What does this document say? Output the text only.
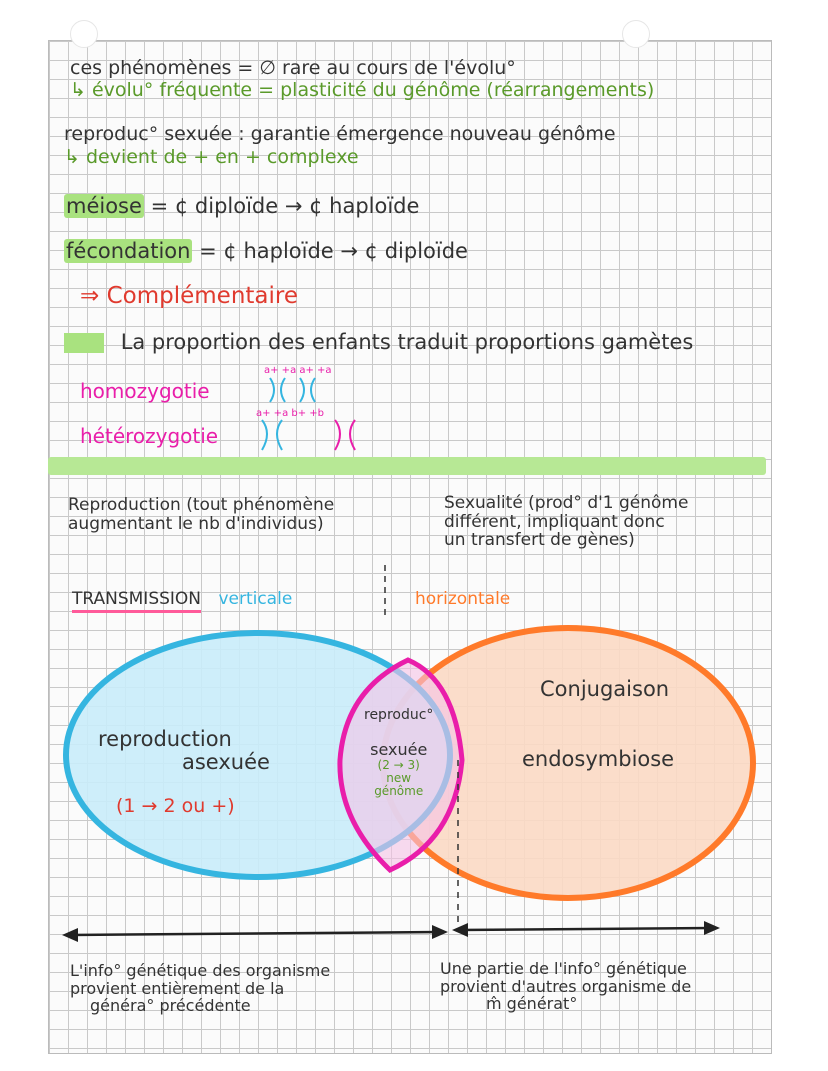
ces phénomènes = ∅ rare au cours de l'évolu°
↳ évolu° fréquente = plasticité du génôme (réarrangements)
reproduc° sexuée : garantie émergence nouveau génôme
↳ devient de + en + complexe
méiose = ¢ diploïde → ¢ haploïde
fécondation = ¢ haploïde → ¢ diploïde
⇒ Complémentaire
La proportion des enfants traduit proportions gamètes
homozygotie
hétérozygotie
a+ +a a+ +a
a+ +a b+ +b
Reproduction (tout phénomène
augmentant le nb d'individus)
Sexualité (prod° d'1 génôme
différent, impliquant donc
un transfert de gènes)
TRANSMISSION verticale	horizontale
reproduction
asexuée
(1 → 2 ou +)
reproduc°
sexuée
(2 → 3)
new
génôme
Conjugaison
endosymbiose
L'info° génétique des organisme
provient entièrement de la
généra° précédente
Une partie de l'info° génétique
provient d'autres organisme de
m̂ générat°
